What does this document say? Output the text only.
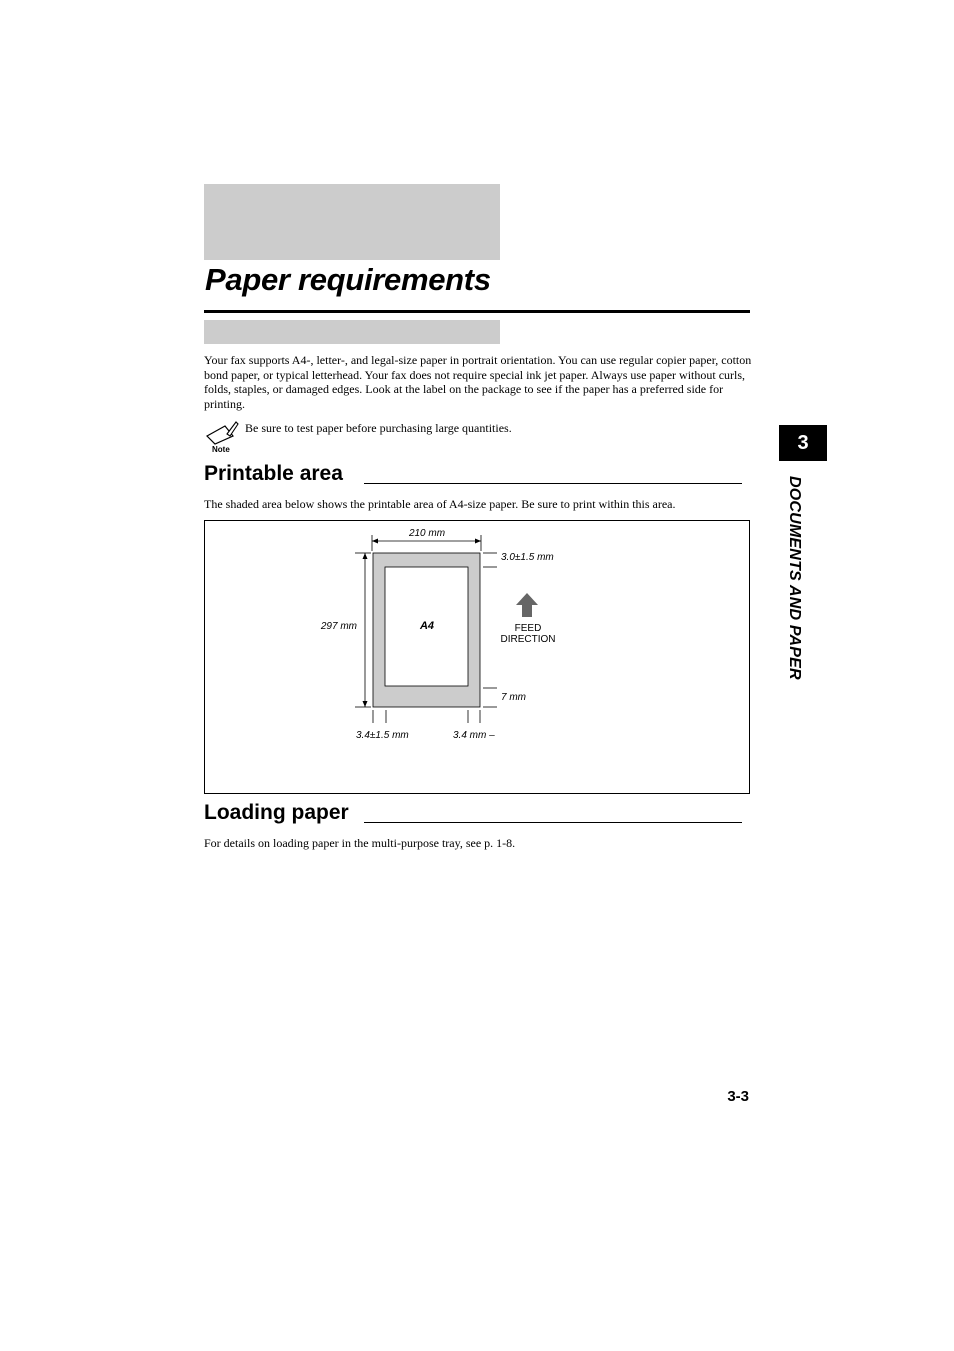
Paper requirements
Your fax supports A4-, letter-, and legal-size paper in portrait orientation. You can use regular copier paper, cotton bond paper, or typical letterhead. Your fax does not require special ink jet paper. Always use paper without curls, folds, staples, or damaged edges. Look at the label on the package to see if the paper has a preferred side for printing.
Note
Be sure to test paper before purchasing large quantities.
Printable area
The shaded area below shows the printable area of A4-size paper. Be sure to print within this area.
210 mm
297 mm	A4
3.0±1.5 mm
7 mm
3.4±1.5 mm	3.4 mm –
FEED
DIRECTION
Loading paper
For details on loading paper in the multi-purpose tray, see p. 1-8.
3
DOCUMENTS AND PAPER
3-3
